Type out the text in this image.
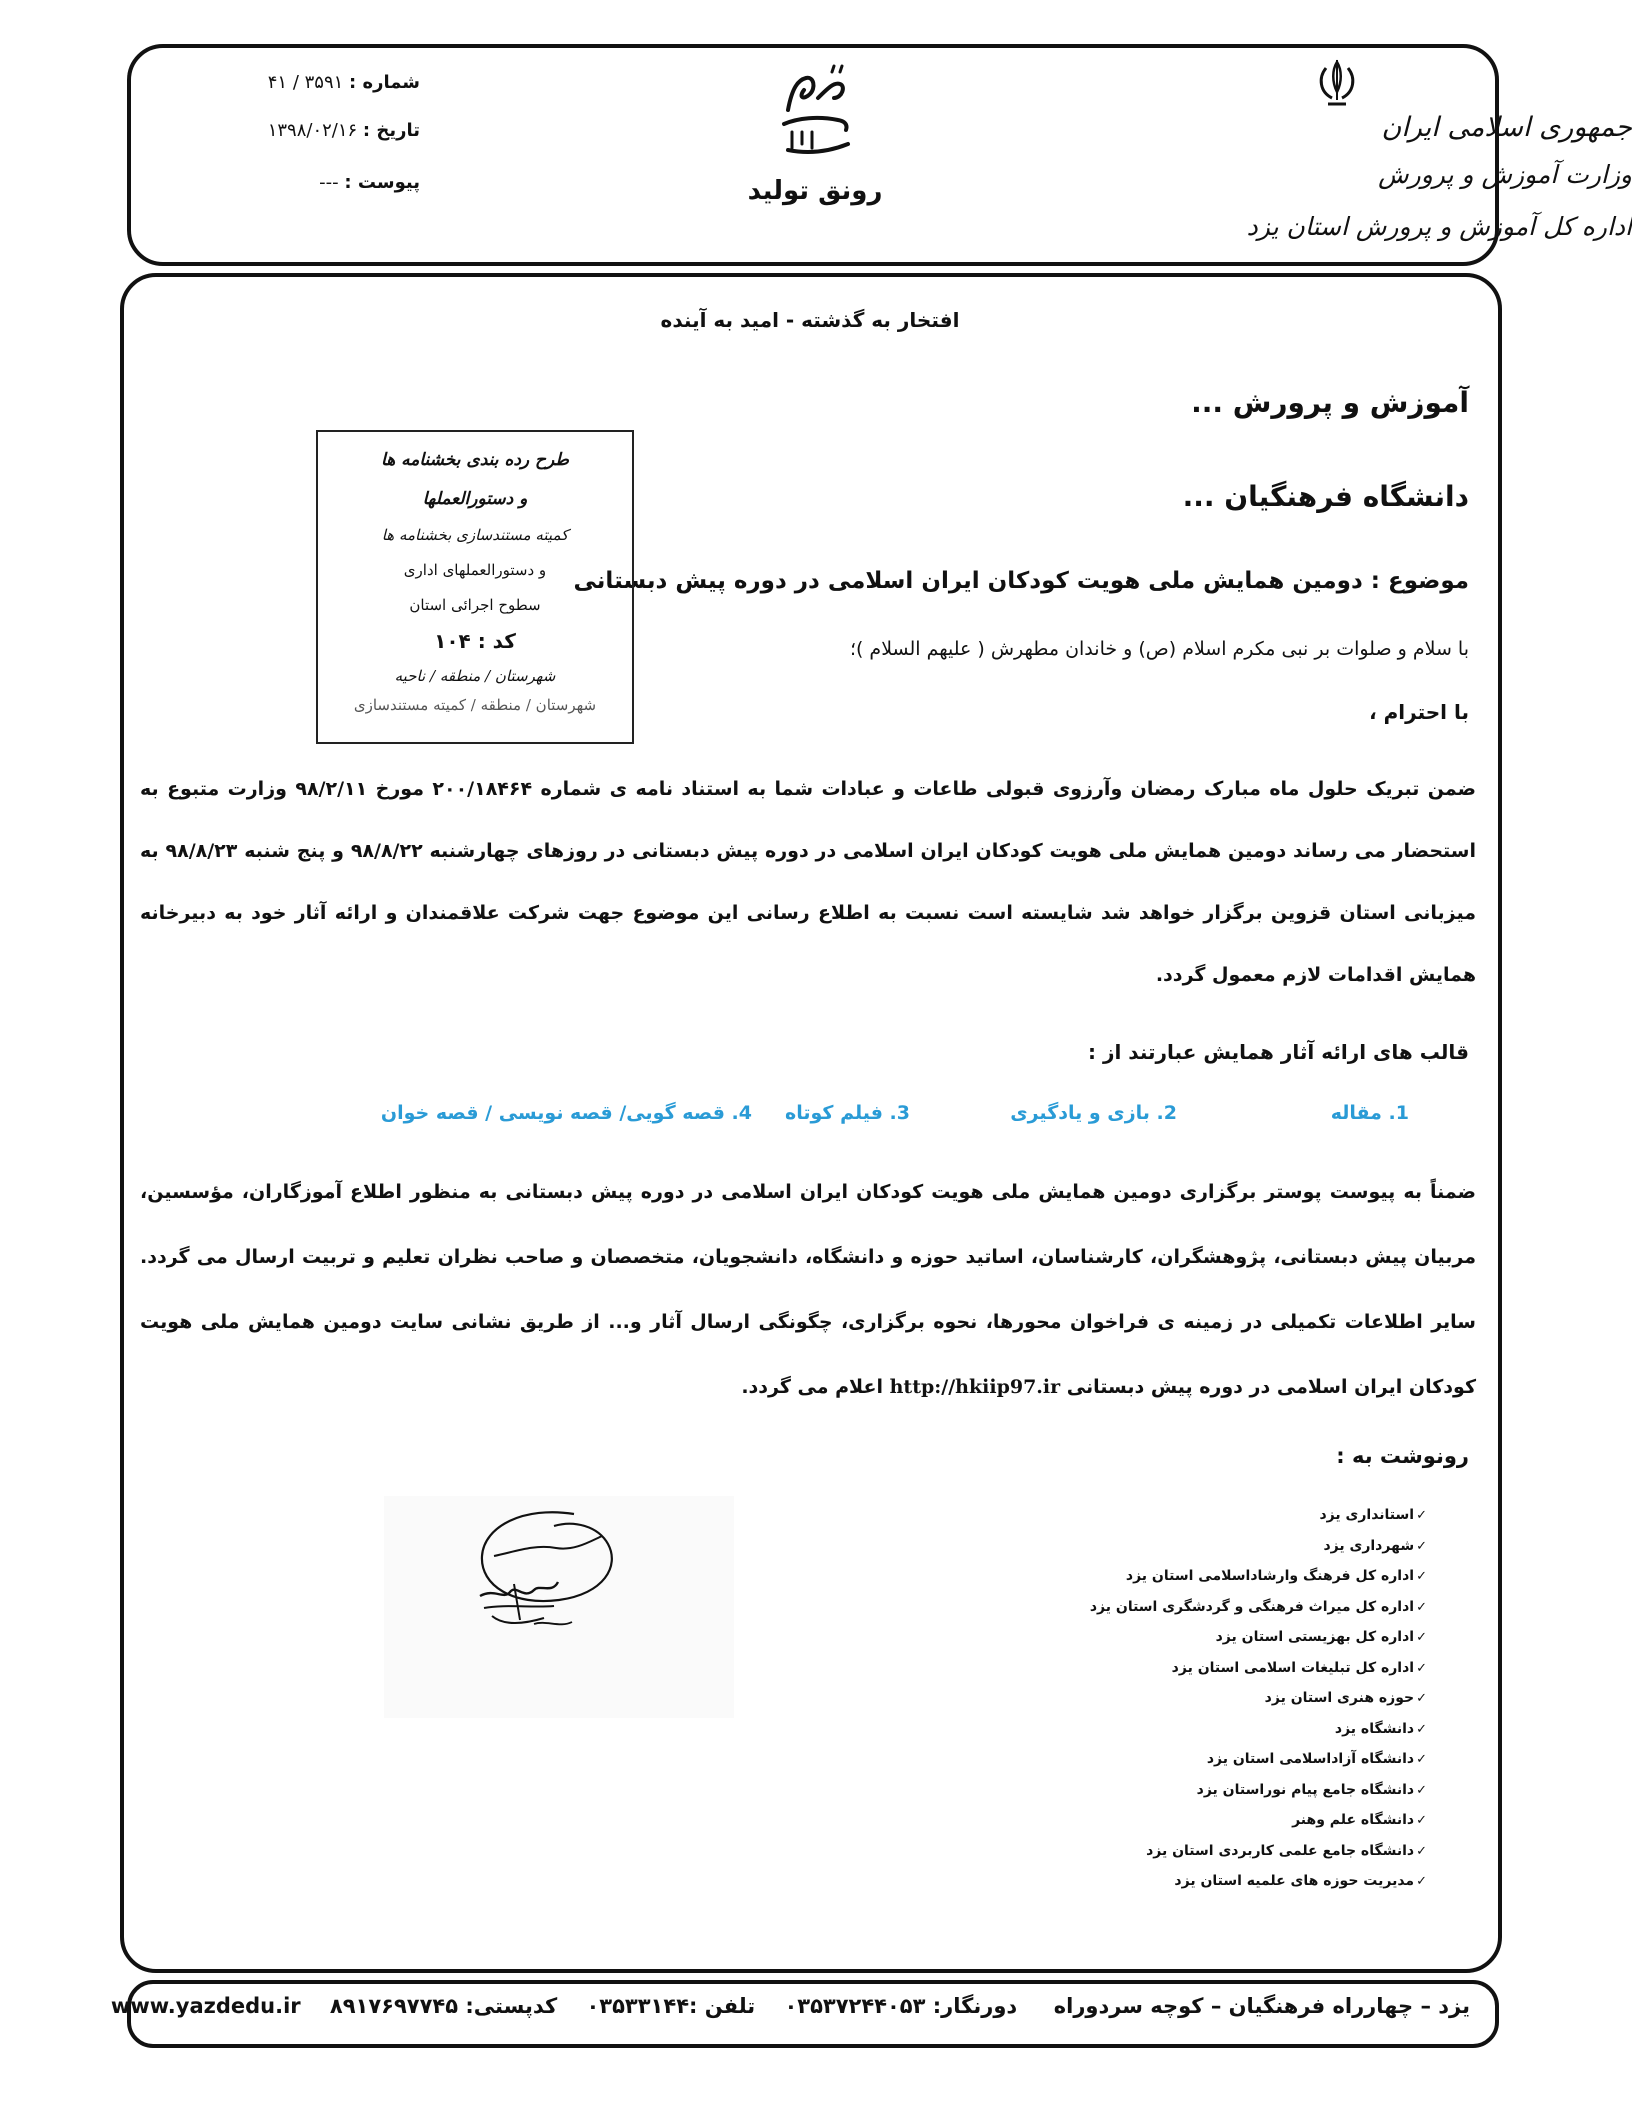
جمهوری اسلامی ایران
وزارت آموزش و پرورش
اداره کل آموزش و پرورش استان یزد
رونق تولید
شماره : ۳۵۹۱ / ۴۱
تاریخ : ۱۳۹۸/۰۲/۱۶
پیوست : ---
افتخار به گذشته - امید به آینده
آموزش و پرورش ...
دانشگاه فرهنگیان ...
موضوع : دومین همایش ملی هویت کودکان ایران اسلامی در دوره پیش دبستانی
با سلام و صلوات بر نبی مکرم اسلام (ص) و خاندان مطهرش ( علیهم السلام )؛
با احترام ،
طرح رده بندی بخشنامه ها
و دستورالعملها
کمیته مستندسازی بخشنامه ها
و دستورالعملهای اداری
سطوح اجرائی استان
کد : ۱۰۴
شهرستان / منطقه / ناحیه
شهرستان / منطقه / کمیته مستندسازی
ضمن تبریک حلول ماه مبارک رمضان وآرزوی قبولی طاعات و عبادات شما به استناد نامه ی شماره ۲۰۰/۱۸۴۶۴ مورخ ۹۸/۲/۱۱ وزارت متبوع به استحضار می رساند دومین همایش ملی هویت کودکان ایران اسلامی در دوره پیش دبستانی در روزهای چهارشنبه ۹۸/۸/۲۲ و پنج شنبه ۹۸/۸/۲۳ به میزبانی استان قزوین برگزار خواهد شد شایسته است نسبت به اطلاع رسانی این موضوع جهت شرکت علاقمندان و ارائه آثار خود به دبیرخانه همایش اقدامات لازم معمول گردد.
قالب های ارائه آثار همایش عبارتند از :
1. مقاله
2. بازی و یادگیری
3. فیلم کوتاه
4. قصه گویی/ قصه نویسی / قصه خوان
ضمناً به پیوست پوستر برگزاری دومین همایش ملی هویت کودکان ایران اسلامی در دوره پیش دبستانی به منظور اطلاع آموزگاران، مؤسسین، مربیان پیش دبستانی، پژوهشگران، کارشناسان، اساتید حوزه و دانشگاه، دانشجویان، متخصصان و صاحب نظران تعلیم و تربیت ارسال می گردد. سایر اطلاعات تکمیلی در زمینه ی فراخوان محورها، نحوه برگزاری، چگونگی ارسال آثار و... از طریق نشانی سایت دومین همایش ملی هویت کودکان ایران اسلامی در دوره پیش دبستانی http://hkiip97.ir اعلام می گردد.
رونوشت به :
✓استانداری یزد
✓شهرداری یزد
✓اداره کل فرهنگ وارشاداسلامی استان یزد
✓اداره کل میراث فرهنگی و گردشگری استان یزد
✓اداره کل بهزیستی استان یزد
✓اداره کل تبلیغات اسلامی استان یزد
✓حوزه هنری استان یزد
✓دانشگاه یزد
✓دانشگاه آزاداسلامی استان یزد
✓دانشگاه جامع پیام نوراستان یزد
✓دانشگاه علم وهنر
✓دانشگاه جامع علمی کاربردی استان یزد
✓مدیریت حوزه های علمیه استان یزد
یزد – چهارراه فرهنگیان – کوچه سردوراه     دورنگار: ۰۳۵۳۷۲۴۴۰۵۳    تلفن :۰۳۵۳۳۱۴۴    کدپستی: ۸۹۱۷۶۹۷۷۴۵    www.yazdedu.ir
